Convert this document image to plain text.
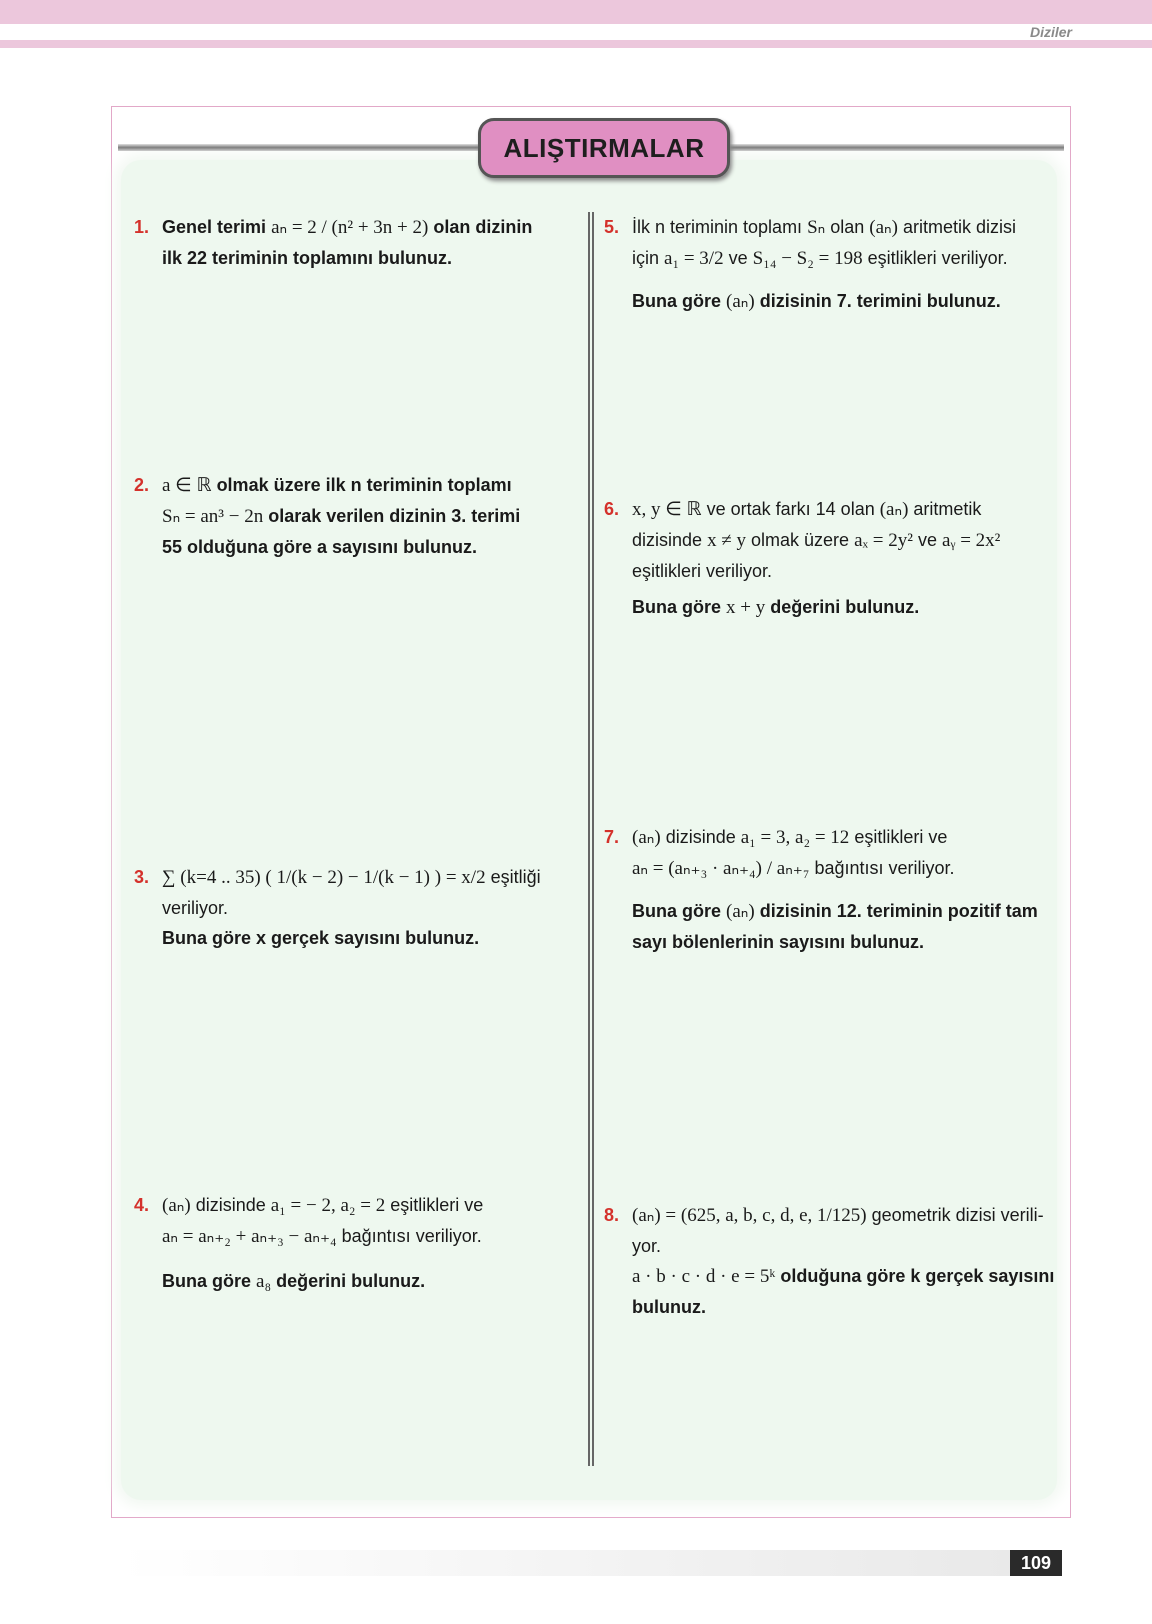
Diziler
ALIŞTIRMALAR
1. Genel terimi aₙ = 2 / (n² + 3n + 2) olan dizinin
ilk 22 teriminin toplamını bulunuz.
2. a ∈ ℝ olmak üzere ilk n teriminin toplamı
Sₙ = an³ − 2n olarak verilen dizinin 3. terimi
55 olduğuna göre a sayısını bulunuz.
3. ∑ (k=4 .. 35) ( 1/(k − 2) − 1/(k − 1) ) = x/2 eşitliği veriliyor.
Buna göre x gerçek sayısını bulunuz.
4. (aₙ) dizisinde a₁ = − 2, a₂ = 2 eşitlikleri ve
aₙ = aₙ₊₂ + aₙ₊₃ − aₙ₊₄ bağıntısı veriliyor.

Buna göre a₈ değerini bulunuz.
5. İlk n teriminin toplamı Sₙ olan (aₙ) aritmetik dizisi
için a₁ = 3/2 ve S₁₄ − S₂ = 198 eşitlikleri veriliyor.

Buna göre (aₙ) dizisinin 7. terimini bulunuz.
6. x, y ∈ ℝ ve ortak farkı 14 olan (aₙ) aritmetik
dizisinde x ≠ y olmak üzere aₓ = 2y² ve aᵧ = 2x²
eşitlikleri veriliyor.

Buna göre x + y değerini bulunuz.
7. (aₙ) dizisinde a₁ = 3, a₂ = 12 eşitlikleri ve
aₙ = (aₙ₊₃ · aₙ₊₄) / aₙ₊₇ bağıntısı veriliyor.

Buna göre (aₙ) dizisinin 12. teriminin pozitif tam
sayı bölenlerinin sayısını bulunuz.
8. (aₙ) = (625, a, b, c, d, e, 1/125) geometrik dizisi verili-
yor.
a · b · c · d · e = 5ᵏ olduğuna göre k gerçek sayısını
bulunuz.
109
